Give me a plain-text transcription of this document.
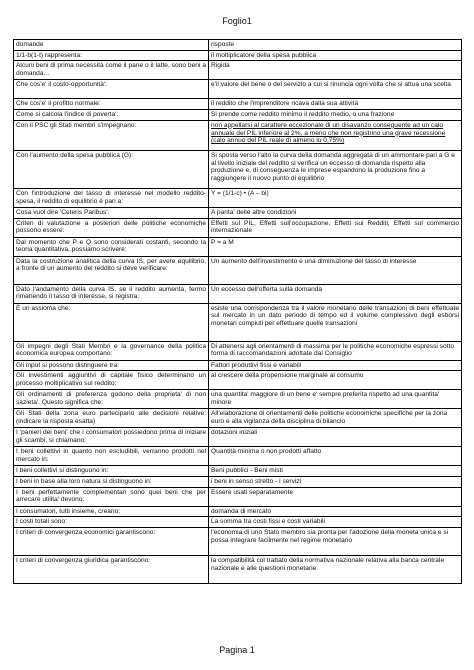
Foglio1
domande	risposte
1/1-b(1-t) rappresenta:	il moltiplicatore della spesa pubblica
Alcuni beni di prima necessità come il pane o il latte, sono beni a domanda…	Rigida
Che cos'e' il costo-opportunità':	e'il valore del bene o del servizio a cui si rinuncia ogni volta che si attua una scelta
Che cos'e' il profitto normale:	il reddito che l'imprenditore ricava dalla sua attività
Come si calcola l'indice di poverta':	Si prende come reddito minimo il reddito medio, o una frazione
Con il PSC gli Stati membri s'impegnano:	non appellarsi al carattere eccezionale di un disavanzo conseguente ad un calo annuale del PIL inferiore al 2%, a meno che non registrino una grave recessione (calo annuo del PIL reale di almeno lo 0,75%)
Con l'aumento della spesa pubblica (G):	Si sposta verso l'alto la curva della domanda aggregata di un ammontare pari a G e al livello iniziale del reddito si verifica un eccesso di domanda rispetto alla produzione e, di conseguenza le imprese espandono la produzione fino a raggiungere il nuovo punto di equilibrio
Con l'introduzione del tasso di interesse nel modello reddito-spesa, il reddito di equilibrio è pari a:	Y = (1/1-c) • (A – bi)
Cosa vuol dire 'Ceteris Paribus':	A parita' delle altre condizioni
Criteri di valutazione a posteriori delle politiche economiche possono essere:	Effetti sul PIL, Effetti sull'occupazione, Effetti sui Redditi, Effetti sul commercio internazionale
Dal momento che P e Q sono considerati costanti, secondo la teoria quantitativa, possiamo scrivere:	P = a M
Data la costruzione analitica della curva IS, per avere equilibrio, a fronte di un aumento del reddito si deve verificare:	Un aumento dell'investimento e una diminuzione del tasso di interesse
Dato l'andamento della curva IS, se il reddito aumenta, fermo rimanendo il tasso di interesse, si registra:	Un eccesso dell'offerta sulla domanda
È un assioma che:	esiste una corrispondenza tra il valore monetario delle transazioni di beni effettuate sul mercato in un dato periodo di tempo ed il volume complessivo degli esborsi monetari compiuti per effettuare quelle transazioni
Gli impegni degli Stati Membri e la governance della politica economica europea comportano:	Di attenersi agli orientamenti di massima per le politiche economiche espressi sotto forma di raccomandazioni adottate dal Consiglio
Gli input si possono distinguere tra:	Fattori produttivi fissi e variabili
Gli investimenti aggiuntivi di capitale fisico determinano un processo moltiplicativo sul reddito:	al crescere della propensione marginale al consumo
Gli ordinamenti di preferenza godono della proprieta' di non sazieta'. Questo significa che:	una quantita' maggiore di un bene e' sempre preferita rispetto ad una quantita' minore
Gli Stati della zona euro partecipano alle decisioni relative: (indicare la risposta esatta)	All'elaborazione di orientamenti delle politiche economiche specifiche per la zona euro e alla vigilanza della disciplina di bilancio
I 'panieri dei beni' che i consumatori possiedono prima di iniziare gli scambi, si chiamano:	dotazioni iniziali
I beni collettivi in quanto non escludibili, verranno prodotti nel mercato in:	Quantità minima o non prodotti affatto
I beni collettivi si distinguono in:	Beni pubblici - Beni misti
I beni in base alla loro natura si distinguono in:	i beni in senso stretto - i servizi
I beni perfettamente complementari sono quei beni che per arrecare utilita' devono:	Essere usati separatamente
I consumatori, tutti insieme, creano:	domanda di mercato
I costi totali sono:	La somma tra costi fissi e costi variabili
I criteri di convergenza economici garantiscono:	l'economia di uno Stato membro sia pronta per l'adozione della moneta unica e si possa integrare facilmente nel regime monetario
I criteri di convergenza giuridica garantiscono:	la compatibilità col trattato della normativa nazionale relativa alla banca centrale nazionale e alle questioni monetarie
Pagina 1
